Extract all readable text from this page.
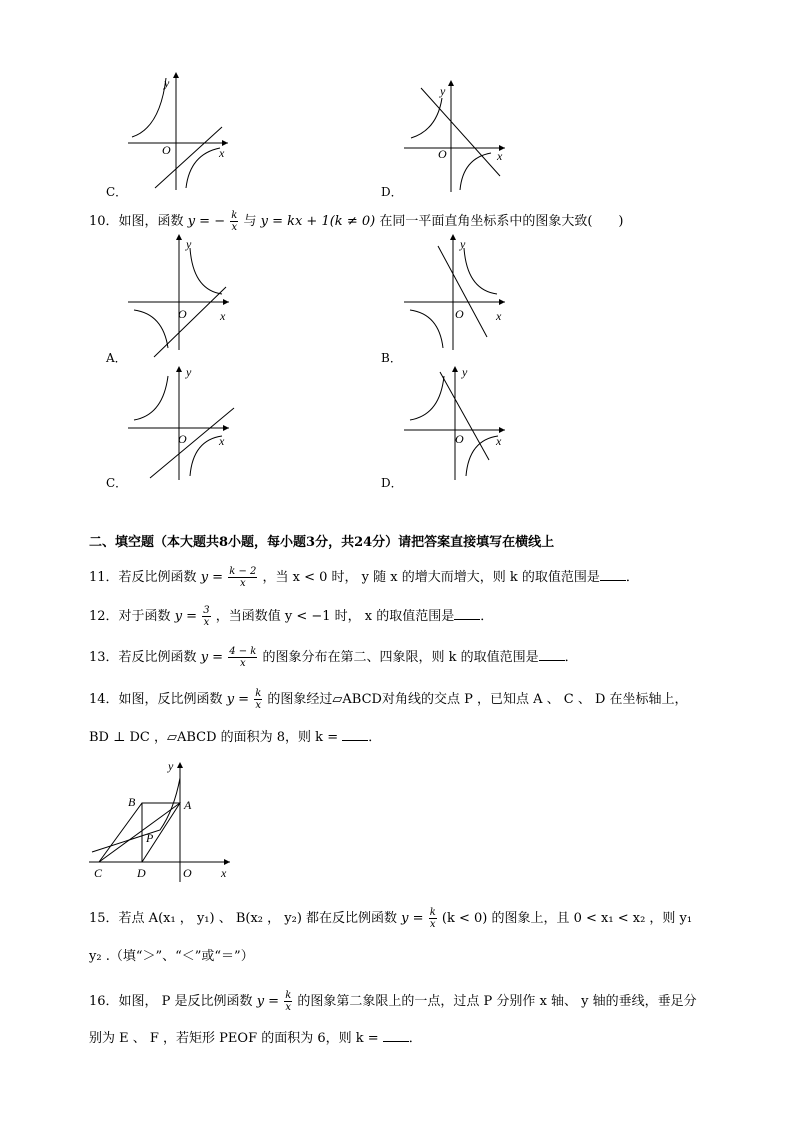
y
x
O
C．
y
x
O
D．
10．如图，函数 y = − $\frac{k}{x}$ 与 y = kx + 1(k ≠ 0) 在同一平面直角坐标系中的图象大致(　　)
y
x
O
A．
y
x
O
B．
y
x
O
C．
y
x
O
D．
二、填空题（本大题共8小题，每小题3分，共24分）请把答案直接填写在横线上
11．若反比例函数 $y = \frac{k - 2}{x}$ ，当 x < 0 时， y 随 x 的增大而增大，则 k 的取值范围是 ．
12．对于函数 $y = \frac{3}{x}$ ，当函数值 y < −1 时， x 的取值范围是 ．
13．若反比例函数 $y = \frac{4 - k}{x}$ 的图象分布在第二、四象限，则 k 的取值范围是 ．
14．如图，反比例函数 $y = \frac{k}{x}$ 的图象经过▱ABCD对角线的交点 P ，已知点 A 、 C 、 D 在坐标轴上，
BD ⊥ DC ，▱ABCD 的面积为 8，则 k = ．
y
x
O
A
B
C	D
P
15．若点 A(x₁ ， y₁) 、 B(x₂ ， y₂) 都在反比例函数 $y = \frac{k}{x} (k < 0)$ 的图象上，且 0 < x₁ < x₂ ，则 y₁
y₂ .（填“＞”、“＜”或“＝”）
16．如图， P 是反比例函数 $y = \frac{k}{x}$ 的图象第二象限上的一点，过点 P 分别作 x 轴、 y 轴的垂线，垂足分
别为 E 、 F ，若矩形 PEOF 的面积为 6，则 k = ．
